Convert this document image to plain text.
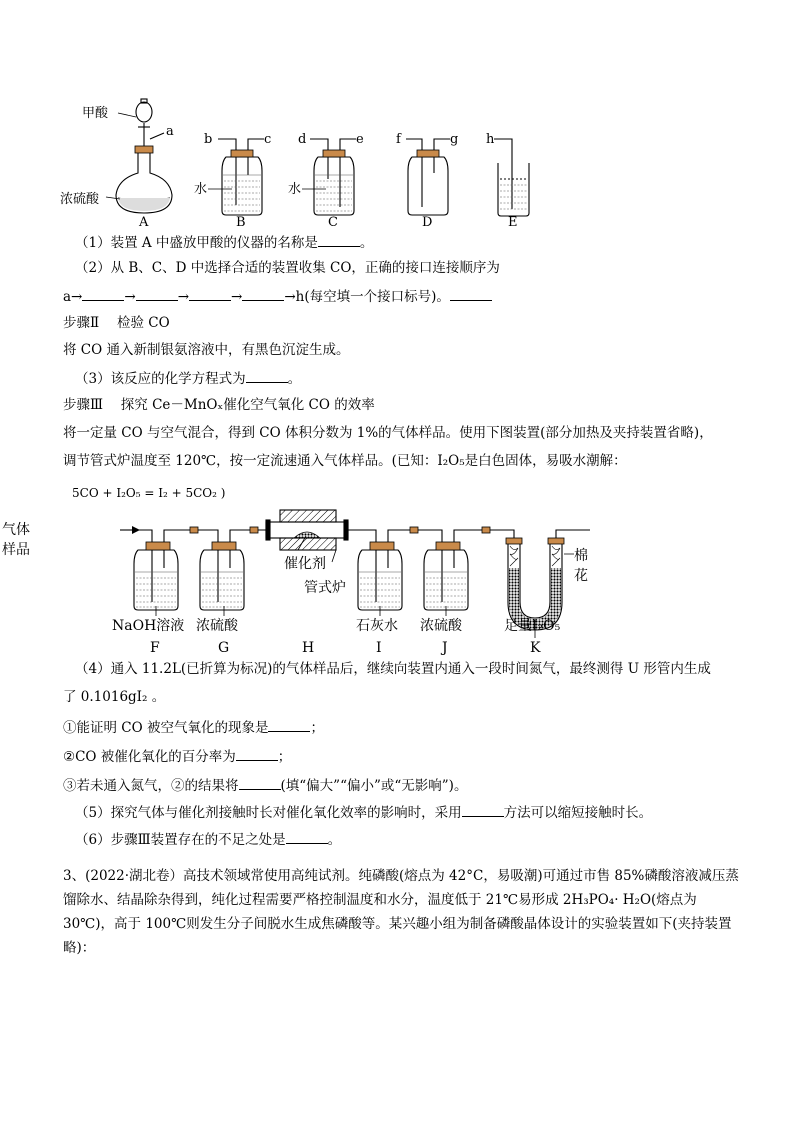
甲酸
a
浓硫酸
b	c d	e f	g h
水	水
A	B	C	D	E
（1）装置 A 中盛放甲酸的仪器的名称是	。
（2）从 B、C、D 中选择合适的装置收集 CO，正确的接口连接顺序为
a→	→	→	→	→h(每空填一个接口标号)。
步骤Ⅱ　 检验 CO
将 CO 通入新制银氨溶液中，有黑色沉淀生成。
（3）该反应的化学方程式为	。
步骤Ⅲ　 探究 Ce－MnOₓ催化空气氧化 CO 的效率
将一定量 CO 与空气混合，得到 CO 体积分数为 1%的气体样品。使用下图装置(部分加热及夹持装置省略)，
调节管式炉温度至 120℃，按一定流速通入气体样品。(已知：I₂O₅是白色固体，易吸水潮解：
5CO + I₂O₅ = I₂ + 5CO₂ )
气体
样品
催化剂
管式炉
棉
花
NaOH溶液 浓硫酸	石灰水 浓硫酸	足量I₂O₅
F	G	H	I	J	K
（4）通入 11.2L(已折算为标况)的气体样品后，继续向装置内通入一段时间氮气，最终测得 U 形管内生成
了 0.1016gI₂ 。
①能证明 CO 被空气氧化的现象是	；
②CO 被催化氧化的百分率为	；
③若未通入氮气，②的结果将	(填“偏大”“偏小”或“无影响”)。
（5）探究气体与催化剂接触时长对催化氧化效率的影响时，采用	方法可以缩短接触时长。
（6）步骤Ⅲ装置存在的不足之处是	。
3、(2022·湖北卷）高技术领域常使用高纯试剂。纯磷酸(熔点为 42°C，易吸潮)可通过市售 85%磷酸溶液减压蒸馏除水、结晶除杂得到，纯化过程需要严格控制温度和水分，温度低于 21℃易形成 2H₃PO₄· H₂O(熔点为 30℃)，高于 100℃则发生分子间脱水生成焦磷酸等。某兴趣小组为制备磷酸晶体设计的实验装置如下(夹持装置略)：
